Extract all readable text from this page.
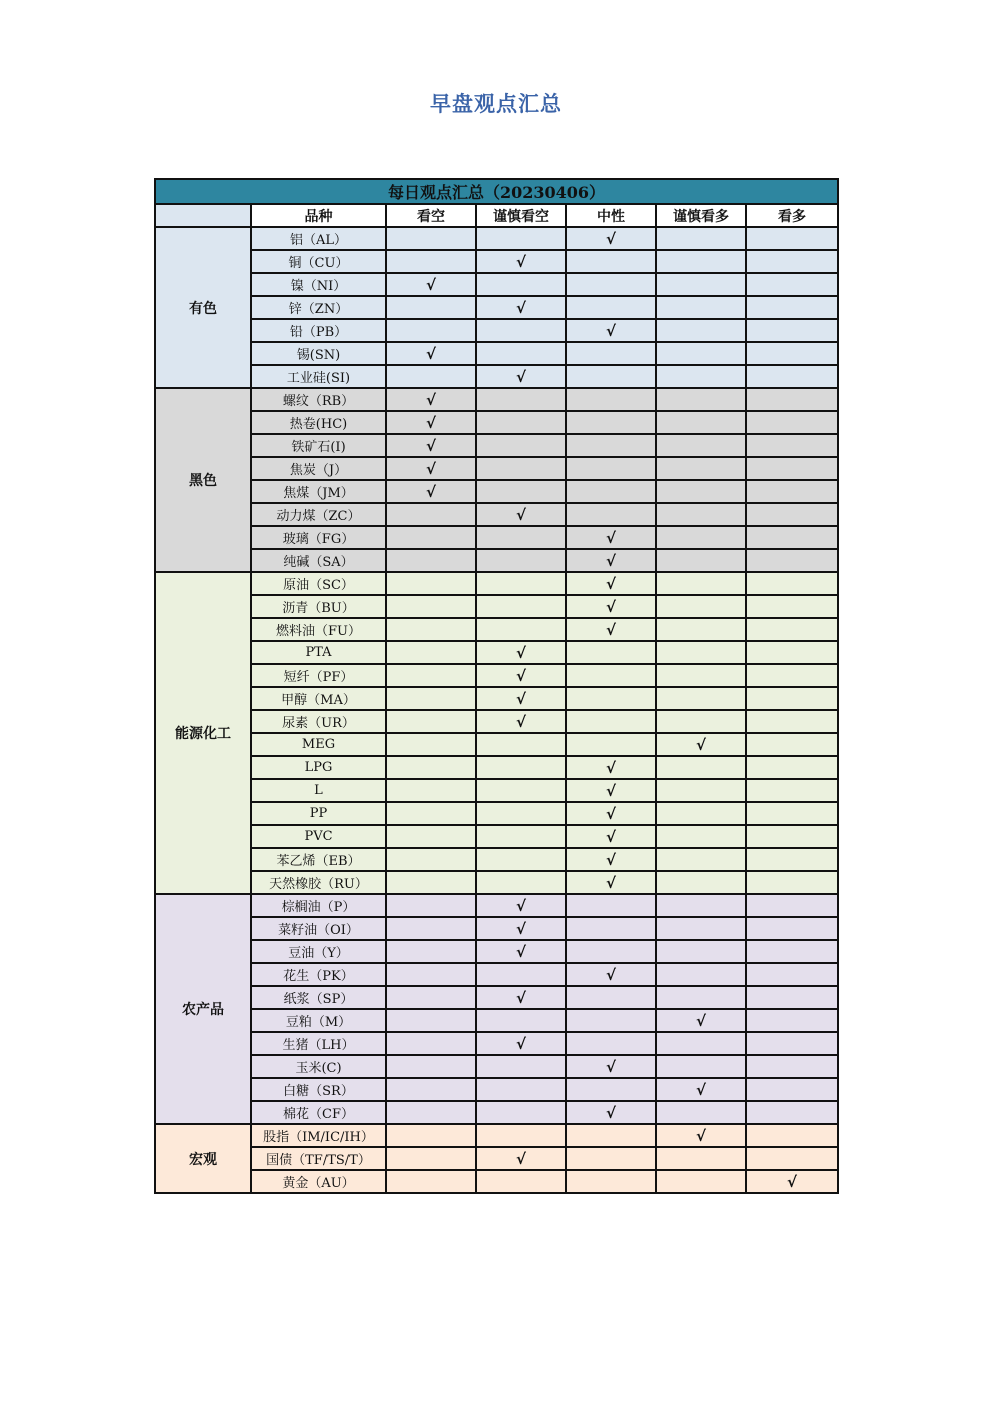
早盘观点汇总
每日观点汇总（20230406）						
	品种	看空	谨慎看空	中性	谨慎看多	看多
有色	铝（AL）			√		
	铜（CU）		√			
	镍（NI）	√				
	锌（ZN）		√			
	铅（PB）			√		
	锡(SN)	√				
	工业硅(SI)		√			
黑色	螺纹（RB）	√				
	热卷(HC)	√				
	铁矿石(I)	√				
	焦炭（J）	√				
	焦煤（JM）	√				
	动力煤（ZC）		√			
	玻璃（FG）			√		
	纯碱（SA）			√		
能源化工	原油（SC）			√		
	沥青（BU）			√		
	燃料油（FU）			√		
	PTA		√			
	短纤（PF）		√			
	甲醇（MA）		√			
	尿素（UR）		√			
	MEG				√	
	LPG			√		
	L			√		
	PP			√		
	PVC			√		
	苯乙烯（EB）			√		
	天然橡胶（RU）			√		
农产品	棕榈油（P）		√			
	菜籽油（OI）		√			
	豆油（Y）		√			
	花生（PK）			√		
	纸浆（SP）		√			
	豆粕（M）				√	
	生猪（LH）		√			
	玉米(C)			√		
	白糖（SR）				√	
	棉花（CF）			√		
宏观	股指（IM/IC/IH）				√	
	国债（TF/TS/T）		√			
	黄金（AU）					√
